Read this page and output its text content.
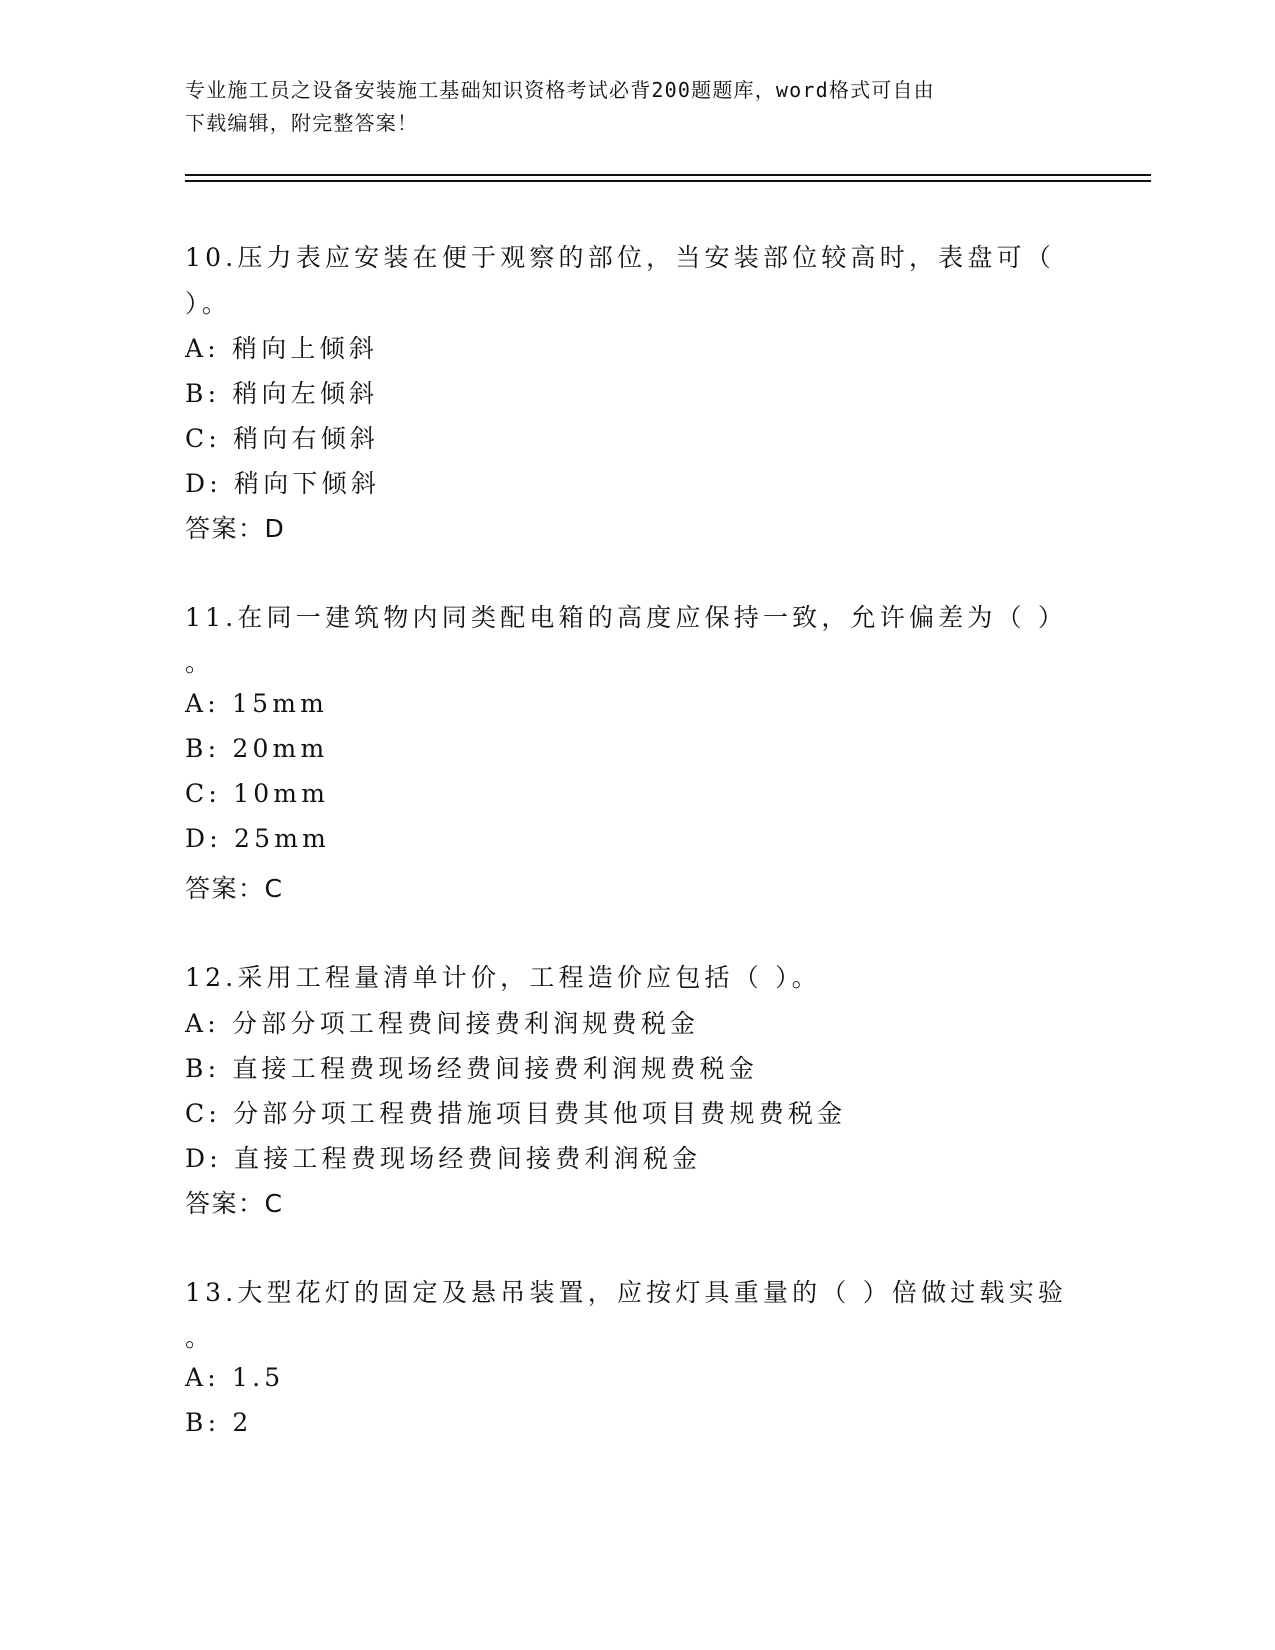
专业施工员之设备安装施工基础知识资格考试必背200题题库，word格式可自由
下载编辑，附完整答案！
10.压力表应安装在便于观察的部位，当安装部位较高时，表盘可（
）。
A: 稍向上倾斜
B: 稍向左倾斜
C: 稍向右倾斜
D: 稍向下倾斜
答案：D
11.在同一建筑物内同类配电箱的高度应保持一致，允许偏差为（ ）
。
A: 15mm
B: 20mm
C: 10mm
D: 25mm
答案：C
12.采用工程量清单计价，工程造价应包括（ ）。
A: 分部分项工程费间接费利润规费税金
B: 直接工程费现场经费间接费利润规费税金
C: 分部分项工程费措施项目费其他项目费规费税金
D: 直接工程费现场经费间接费利润税金
答案：C
13.大型花灯的固定及悬吊装置，应按灯具重量的（ ）倍做过载实验
。
A: 1.5
B: 2
